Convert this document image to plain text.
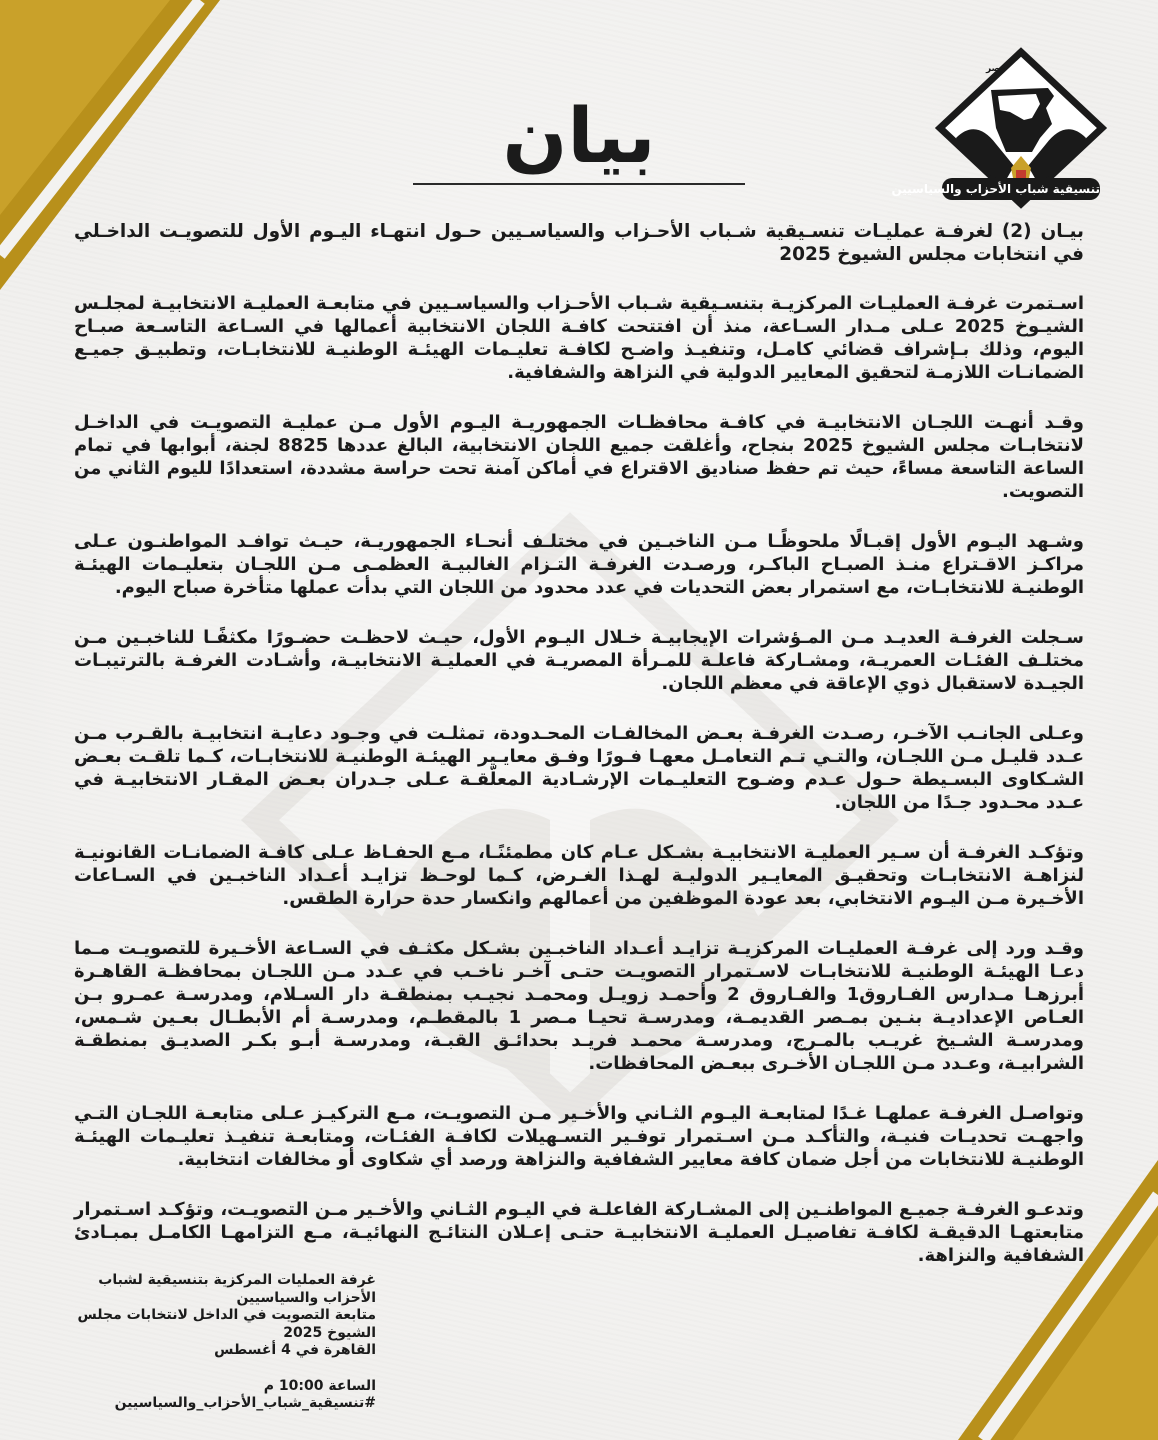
مصر
تنسيقية شباب الأحزاب والسياسيين
بيان

بيـان (2) لغرفـة عمليـات تنسـيقية شـباب الأحـزاب والسياسـيين حـول انتهـاء اليـوم الأول للتصويـت الداخـلي في انتخابات مجلس الشيوخ 2025

اسـتمرت غرفـة العمليـات المركزيـة بتنسـيقية شـباب الأحـزاب والسياسـيين في متابعـة العمليـة الانتخابيـة لمجلـس الشيـوخ 2025 عـلى مـدار السـاعة، منذ أن افتتحت كافـة اللجان الانتخابية أعمالها في السـاعة التاسـعة صبـاح اليوم، وذلك بـإشراف قضائي كامـل، وتنفيـذ واضـح لكافـة تعليـمات الهيئـة الوطنيـة للانتخابـات، وتطبيـق جميـع الضمانـات اللازمـة لتحقيق المعايير الدولية في النزاهة والشفافية.

وقـد أنهـت اللجـان الانتخابيـة في كافـة محافظـات الجمهوريـة اليـوم الأول مـن عمليـة التصويـت في الداخـل لانتخابـات مجلس الشيوخ 2025 بنجاح، وأغلقت جميع اللجان الانتخابية، البالغ عددها 8825 لجنة، أبوابها في تمام الساعة التاسعة مساءً، حيث تم حفظ صناديق الاقتراع في أماكن آمنة تحت حراسة مشددة، استعدادًا لليوم الثاني من التصويت.

وشـهد اليـوم الأول إقبـالًا ملحوظًـا مـن الناخبـين في مختلـف أنحـاء الجمهوريـة، حيـث توافـد المواطنـون عـلى مراكـز الاقـتراع منـذ الصبـاح الباكـر، ورصـدت الغرفـة التـزام الغالبيـة العظمـى مـن اللجـان بتعليـمات الهيئـة الوطنيـة للانتخابـات، مع استمرار بعض التحديات في عدد محدود من اللجان التي بدأت عملها متأخرة صباح اليوم.

سـجلت الغرفـة العديـد مـن المـؤشرات الإيجابيـة خـلال اليـوم الأول، حيـث لاحظـت حضـورًا مكثفًـا للناخبـين مـن مختلـف الفئـات العمريـة، ومشـاركة فاعلـة للمـرأة المصريـة في العمليـة الانتخابيـة، وأشـادت الغرفـة بالترتيبـات الجيـدة لاستقبال ذوي الإعاقة في معظم اللجان.

وعـلى الجانـب الآخـر، رصـدت الغرفـة بعـض المخالفـات المحـدودة، تمثلـت في وجـود دعايـة انتخابيـة بالقـرب مـن عـدد قليـل مـن اللجـان، والتـي تـم التعامـل معهـا فـورًا وفـق معايـير الهيئـة الوطنيـة للانتخابـات، كـما تلقـت بعـض الشـكاوى البسـيطة حـول عـدم وضـوح التعليـمات الإرشـادية المعلّقـة عـلى جـدران بعـض المقـار الانتخابيـة في عـدد محـدود جـدًا من اللجان.

وتؤكـد الغرفـة أن سـير العمليـة الانتخابيـة بشـكل عـام كان مطمئنًـا، مـع الحفـاظ عـلى كافـة الضمانـات القانونيـة لنزاهـة الانتخابـات وتحقيـق المعايـير الدوليـة لهـذا الغـرض، كـما لوحـظ تزايـد أعـداد الناخبـين في السـاعات الأخـيرة مـن اليـوم الانتخابي، بعد عودة الموظفين من أعمالهم وانكسار حدة حرارة الطقس.

وقـد ورد إلى غرفـة العمليـات المركزيـة تزايـد أعـداد الناخبـين بشـكل مكثـف في السـاعة الأخـيرة للتصويـت مـما دعـا الهيئـة الوطنيـة للانتخابـات لاسـتمرار التصويـت حتـى آخـر ناخـب في عـدد مـن اللجـان بمحافظـة القاهـرة أبرزهـا مـدارس الفـاروق1 والفـاروق 2 وأحمـد زويـل ومحمـد نجيـب بمنطقـة دار السـلام، ومدرسـة عمـرو بـن العـاص الإعداديـة بنـين بمـصر القديمـة، ومدرسـة تحيـا مـصر 1 بالمقطـم، ومدرسـة أم الأبطـال بعـين شـمس، ومدرسـة الشـيخ غريـب بالمـرج، ومدرسـة محمـد فريـد بحدائـق القبـة، ومدرسـة أبـو بكـر الصديـق بمنطقـة الشرابيـة، وعـدد مـن اللجـان الأخـرى ببعـض المحافظات.

وتواصـل الغرفـة عملهـا غـدًا لمتابعـة اليـوم الثـاني والأخـير مـن التصويـت، مـع التركيـز عـلى متابعـة اللجـان التـي واجهـت تحديـات فنيـة، والتأكـد مـن اسـتمرار توفـير التسـهيلات لكافـة الفئـات، ومتابعـة تنفيـذ تعليـمات الهيئـة الوطنيـة للانتخابات من أجل ضمان كافة معايير الشفافية والنزاهة ورصد أي شكاوى أو مخالفات انتخابية.

وتدعـو الغرفـة جميـع المواطنـين إلى المشـاركة الفاعلـة في اليـوم الثـاني والأخـير مـن التصويـت، وتؤكـد اسـتمرار متابعتهـا الدقيقـة لكافـة تفاصيـل العمليـة الانتخابيـة حتـى إعـلان النتائـج النهائيـة، مـع التزامهـا الكامـل بمبـادئ الشفافية والنزاهة.

غرفة العمليات المركزية بتنسيقية لشباب الأحزاب والسياسيين
متابعة التصويت في الداخل لانتخابات مجلس الشيوخ 2025
القاهرة في 4 أغسطس
الساعة 10:00 م
#تنسيقية_شباب_الأحزاب_والسياسيين
